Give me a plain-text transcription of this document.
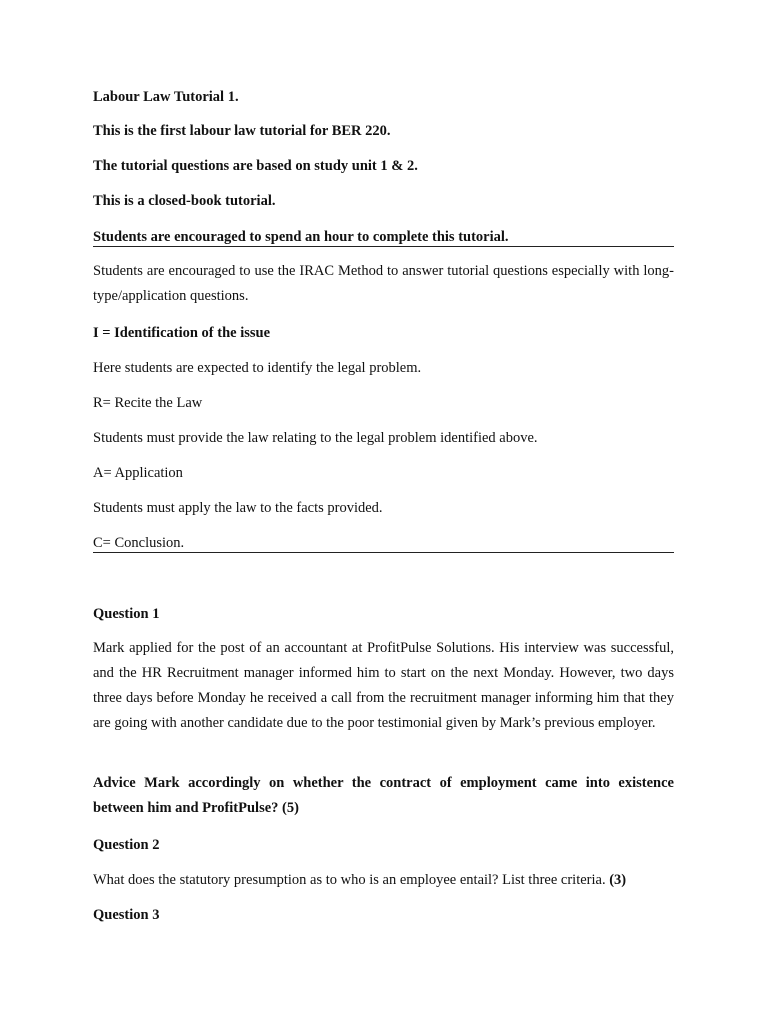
Labour Law Tutorial 1.
This is the first labour law tutorial for BER 220.
The tutorial questions are based on study unit 1 & 2.
This is a closed-book tutorial.
Students are encouraged to spend an hour to complete this tutorial.
Students are encouraged to use the IRAC Method to answer tutorial questions especially with long-type/application questions.
I = Identification of the issue
Here students are expected to identify the legal problem.
R= Recite the Law
Students must provide the law relating to the legal problem identified above.
A= Application
Students must apply the law to the facts provided.
C= Conclusion.
Question 1
Mark applied for the post of an accountant at ProfitPulse Solutions. His interview was successful, and the HR Recruitment manager informed him to start on the next Monday. However, two days three days before Monday he received a call from the recruitment manager informing him that they are going with another candidate due to the poor testimonial given by Mark’s previous employer.
Advice Mark accordingly on whether the contract of employment came into existence between him and ProfitPulse? (5)
Question 2
What does the statutory presumption as to who is an employee entail? List three criteria. (3)
Question 3
